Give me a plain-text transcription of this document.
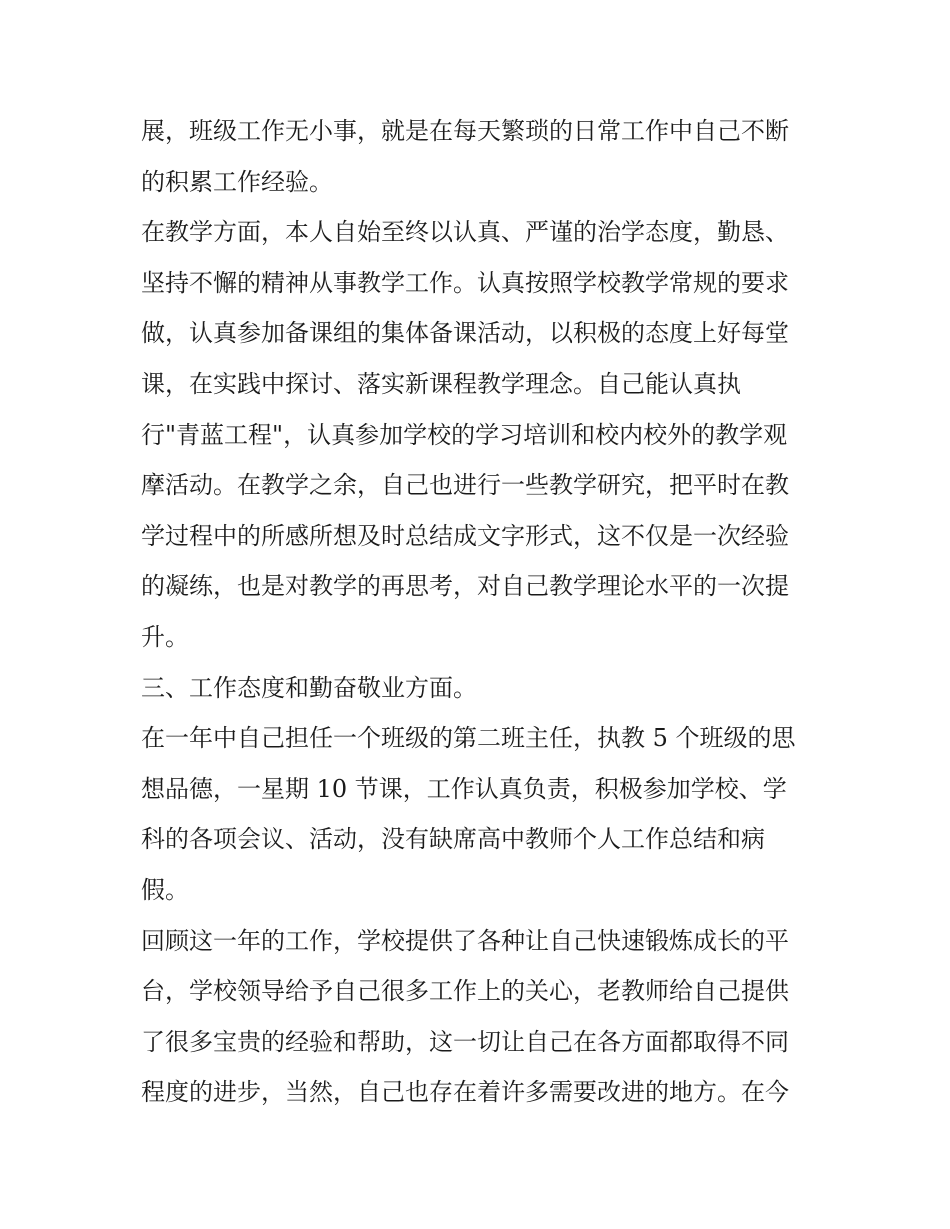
展，班级工作无小事，就是在每天繁琐的日常工作中自己不断
的积累工作经验。
在教学方面，本人自始至终以认真、严谨的治学态度，勤恳、
坚持不懈的精神从事教学工作。认真按照学校教学常规的要求
做，认真参加备课组的集体备课活动，以积极的态度上好每堂
课，在实践中探讨、落实新课程教学理念。自己能认真执
行"青蓝工程"，认真参加学校的学习培训和校内校外的教学观
摩活动。在教学之余，自己也进行一些教学研究，把平时在教
学过程中的所感所想及时总结成文字形式，这不仅是一次经验
的凝练，也是对教学的再思考，对自己教学理论水平的一次提
升。
三、工作态度和勤奋敬业方面。
在一年中自己担任一个班级的第二班主任，执教 5 个班级的思
想品德，一星期 10 节课，工作认真负责，积极参加学校、学
科的各项会议、活动，没有缺席高中教师个人工作总结和病
假。
回顾这一年的工作，学校提供了各种让自己快速锻炼成长的平
台，学校领导给予自己很多工作上的关心，老教师给自己提供
了很多宝贵的经验和帮助，这一切让自己在各方面都取得不同
程度的进步，当然，自己也存在着许多需要改进的地方。在今
